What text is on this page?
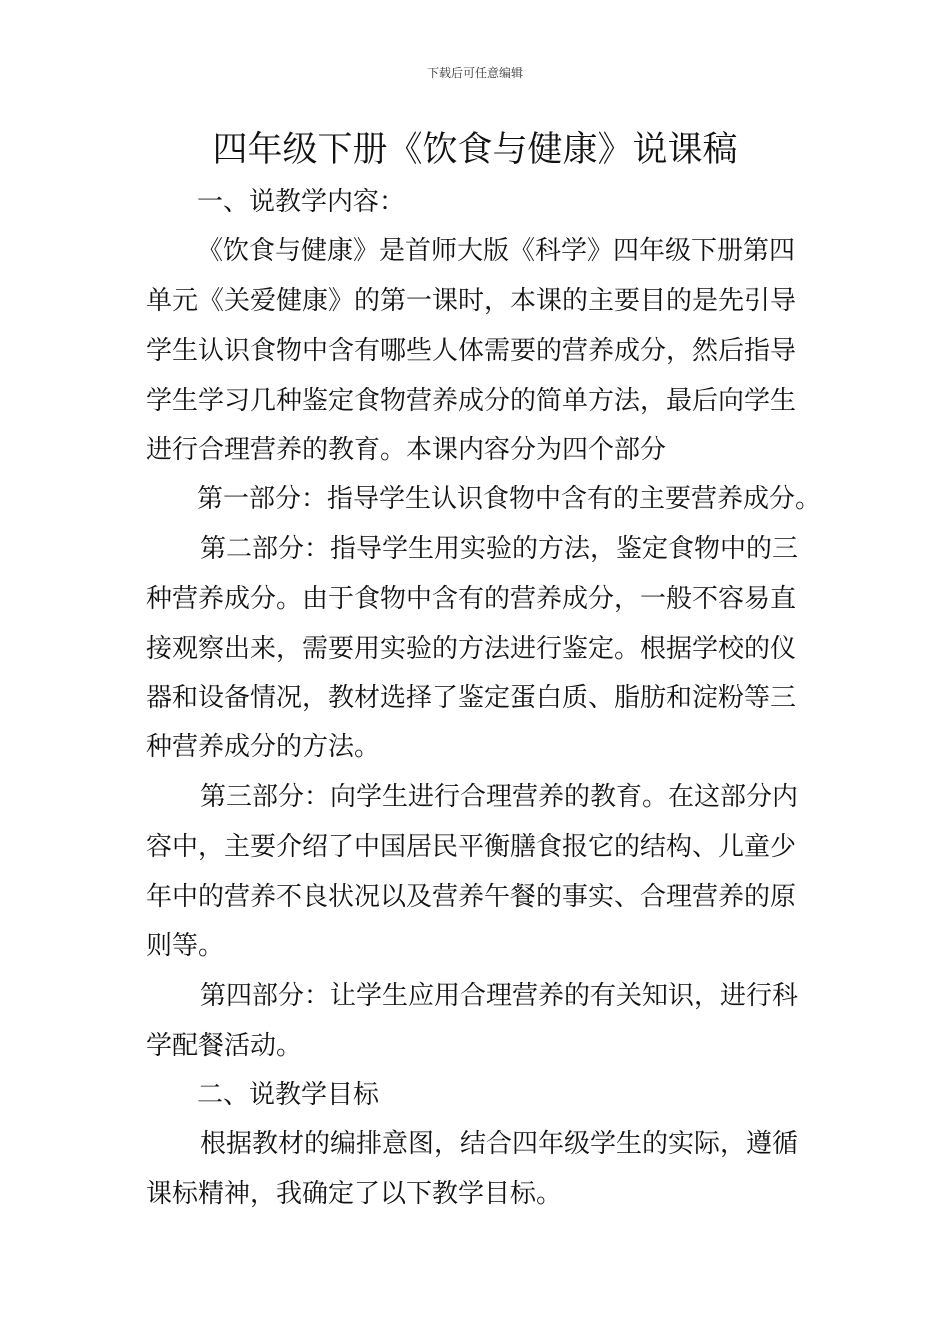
下载后可任意编辑
四年级下册《饮食与健康》说课稿
一、说教学内容：
《饮食与健康》是首师大版《科学》四年级下册第四
单元《关爱健康》的第一课时，本课的主要目的是先引导
学生认识食物中含有哪些人体需要的营养成分，然后指导
学生学习几种鉴定食物营养成分的简单方法，最后向学生
进行合理营养的教育。本课内容分为四个部分
第一部分：指导学生认识食物中含有的主要营养成分。
第二部分：指导学生用实验的方法，鉴定食物中的三
种营养成分。由于食物中含有的营养成分，一般不容易直
接观察出来，需要用实验的方法进行鉴定。根据学校的仪
器和设备情况，教材选择了鉴定蛋白质、脂肪和淀粉等三
种营养成分的方法。
第三部分：向学生进行合理营养的教育。在这部分内
容中，主要介绍了中国居民平衡膳食报它的结构、儿童少
年中的营养不良状况以及营养午餐的事实、合理营养的原
则等。
第四部分：让学生应用合理营养的有关知识，进行科
学配餐活动。
二、说教学目标
根据教材的编排意图，结合四年级学生的实际，遵循
课标精神，我确定了以下教学目标。
